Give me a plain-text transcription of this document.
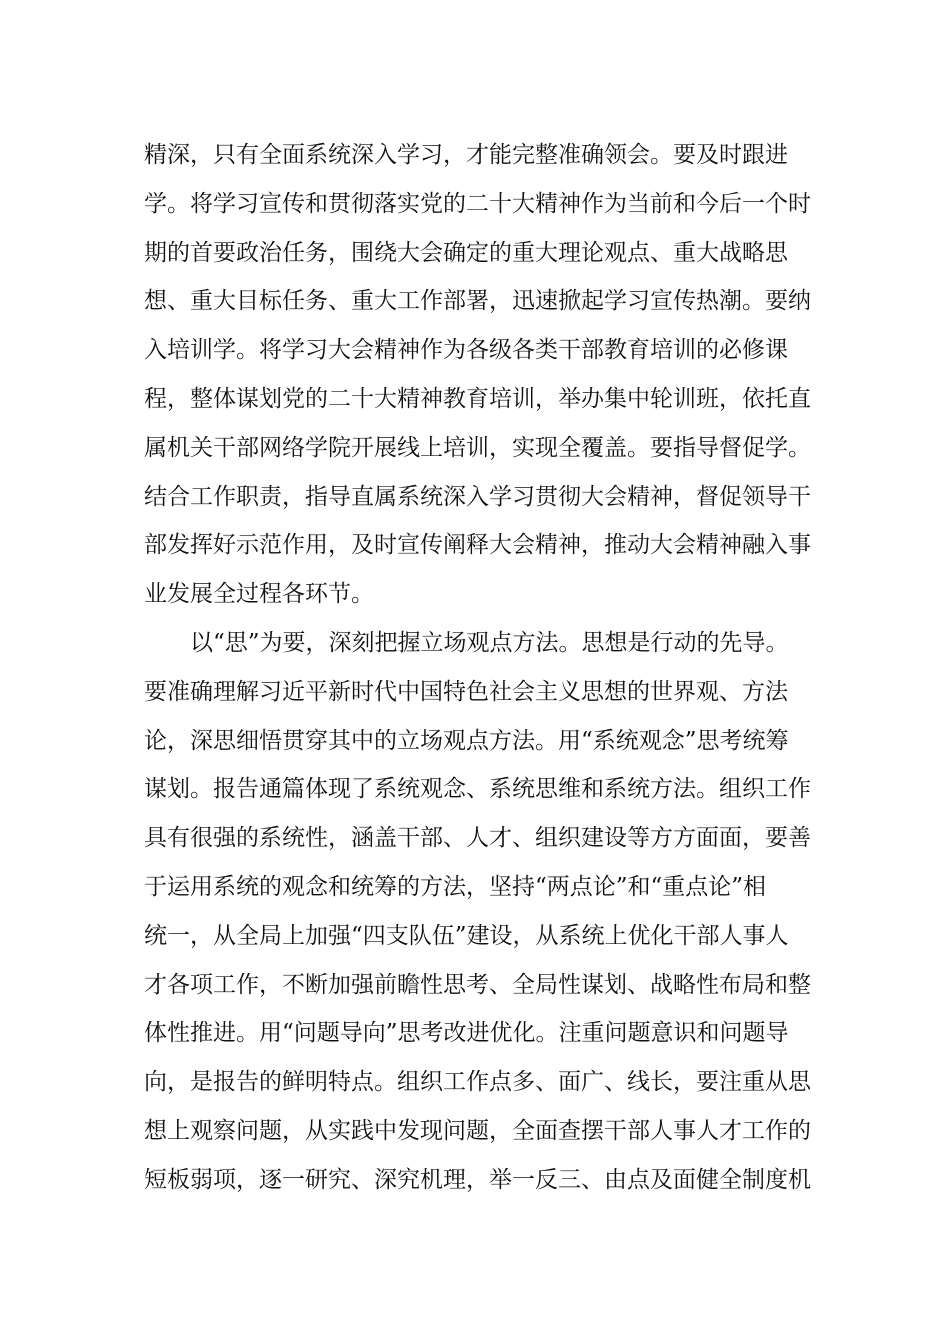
精深，只有全面系统深入学习，才能完整准确领会。要及时跟进
学。将学习宣传和贯彻落实党的二十大精神作为当前和今后一个时
期的首要政治任务，围绕大会确定的重大理论观点、重大战略思
想、重大目标任务、重大工作部署，迅速掀起学习宣传热潮。要纳
入培训学。将学习大会精神作为各级各类干部教育培训的必修课
程，整体谋划党的二十大精神教育培训，举办集中轮训班，依托直
属机关干部网络学院开展线上培训，实现全覆盖。要指导督促学。
结合工作职责，指导直属系统深入学习贯彻大会精神，督促领导干
部发挥好示范作用，及时宣传阐释大会精神，推动大会精神融入事
业发展全过程各环节。
以“思”为要，深刻把握立场观点方法。思想是行动的先导。
要准确理解习近平新时代中国特色社会主义思想的世界观、方法
论，深思细悟贯穿其中的立场观点方法。用“系统观念”思考统筹
谋划。报告通篇体现了系统观念、系统思维和系统方法。组织工作
具有很强的系统性，涵盖干部、人才、组织建设等方方面面，要善
于运用系统的观念和统筹的方法，坚持“两点论”和“重点论”相
统一，从全局上加强“四支队伍”建设，从系统上优化干部人事人
才各项工作，不断加强前瞻性思考、全局性谋划、战略性布局和整
体性推进。用“问题导向”思考改进优化。注重问题意识和问题导
向，是报告的鲜明特点。组织工作点多、面广、线长，要注重从思
想上观察问题，从实践中发现问题，全面查摆干部人事人才工作的
短板弱项，逐一研究、深究机理，举一反三、由点及面健全制度机
